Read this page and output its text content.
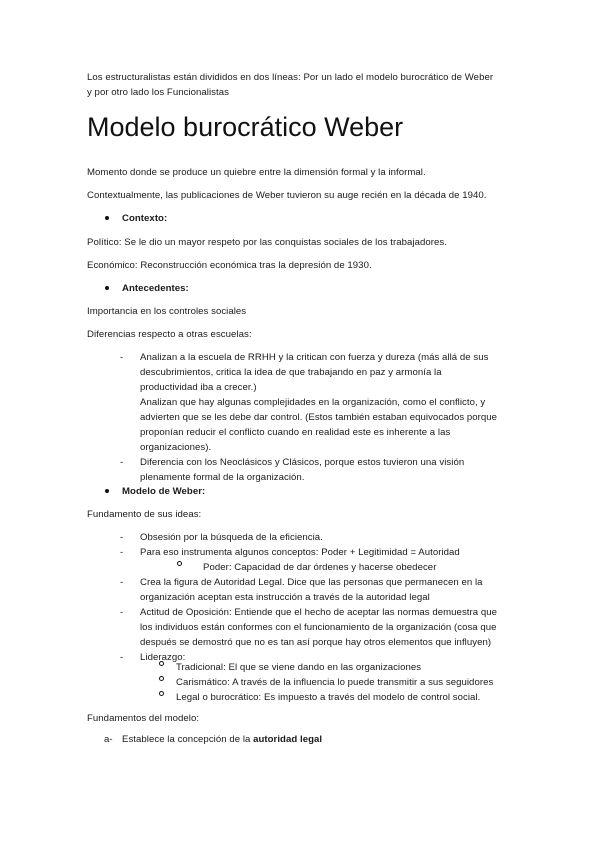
Los estructuralistas están divididos en dos líneas: Por un lado el modelo burocrático de Weber
y por otro lado los Funcionalistas
Modelo burocrático Weber
Momento donde se produce un quiebre entre la dimensión formal y la informal.
Contextualmente, las publicaciones de Weber tuvieron su auge recién en la década de 1940.
Contexto:
Político: Se le dio un mayor respeto por las conquistas sociales de los trabajadores.
Económico: Reconstrucción económica tras la depresión de 1930.
Antecedentes:
Importancia en los controles sociales
Diferencias respecto a otras escuelas:
- Analizan a la escuela de RRHH y la critican con fuerza y dureza (más allá de sus
descubrimientos, critica la idea de que trabajando en paz y armonía la
productividad iba a crecer.)
Analizan que hay algunas complejidades en la organización, como el conflicto, y
advierten que se les debe dar control. (Estos también estaban equivocados porque
proponían reducir el conflicto cuando en realidad este es inherente a las
organizaciones).
- Diferencia con los Neoclásicos y Clásicos, porque estos tuvieron una visión
plenamente formal de la organización.
Modelo de Weber:
Fundamento de sus ideas:
- Obsesión por la búsqueda de la eficiencia.
- Para eso instrumenta algunos conceptos: Poder + Legitimidad = Autoridad
Poder: Capacidad de dar órdenes y hacerse obedecer
- Crea la figura de Autoridad Legal. Dice que las personas que permanecen en la
organización aceptan esta instrucción a través de la autoridad legal
- Actitud de Oposición: Entiende que el hecho de aceptar las normas demuestra que
los individuos están conformes con el funcionamiento de la organización (cosa que
después se demostró que no es tan así porque hay otros elementos que influyen)
- Liderazgo:
Tradicional: El que se viene dando en las organizaciones
Carismático: A través de la influencia lo puede transmitir a sus seguidores
Legal o burocrático: Es impuesto a través del modelo de control social.
Fundamentos del modelo:
a- Establece la concepción de la autoridad legal
